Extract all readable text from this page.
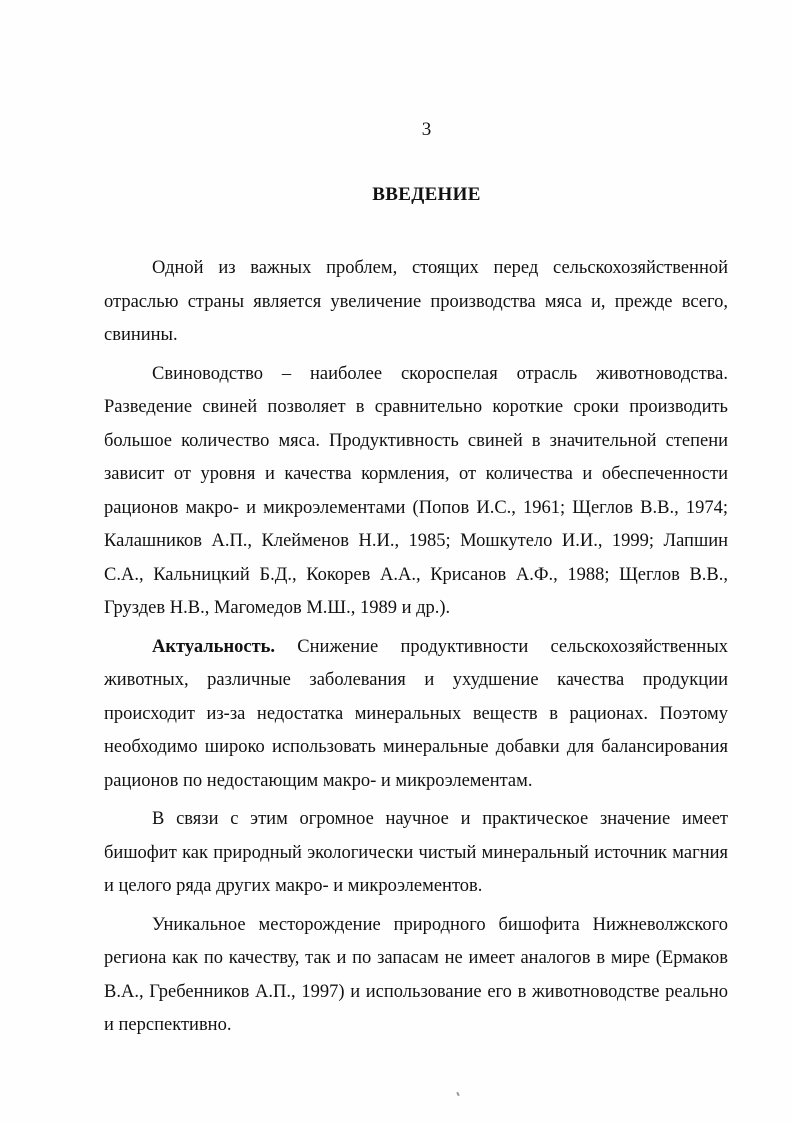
3
ВВЕДЕНИЕ

Одной из важных проблем, стоящих перед сельскохозяйственной отраслью страны является увеличение производства мяса и, прежде всего, свинины.

Свиноводство – наиболее скороспелая отрасль животноводства. Разведение свиней позволяет в сравнительно короткие сроки производить большое количество мяса. Продуктивность свиней в значительной степени зависит от уровня и качества кормления, от количества и обеспеченности рационов макро- и микроэлементами (Попов И.С., 1961; Щеглов В.В., 1974; Калашников А.П., Клейменов Н.И., 1985; Мошкутело И.И., 1999; Лапшин С.А., Кальницкий Б.Д., Кокорев А.А., Крисанов А.Ф., 1988; Щеглов В.В., Груздев Н.В., Магомедов М.Ш., 1989 и др.).

Актуальность. Снижение продуктивности сельскохозяйственных животных, различные заболевания и ухудшение качества продукции происходит из-за недостатка минеральных веществ в рационах. Поэтому необходимо широко использовать минеральные добавки для балансирования рационов по недостающим макро- и микроэлементам.

В связи с этим огромное научное и практическое значение имеет бишофит как природный экологически чистый минеральный источник магния и целого ряда других макро- и микроэлементов.

Уникальное месторождение природного бишофита Нижневолжского региона как по качеству, так и по запасам не имеет аналогов в мире (Ермаков В.А., Гребенников А.П., 1997) и использование его в животноводстве реально и перспективно.
